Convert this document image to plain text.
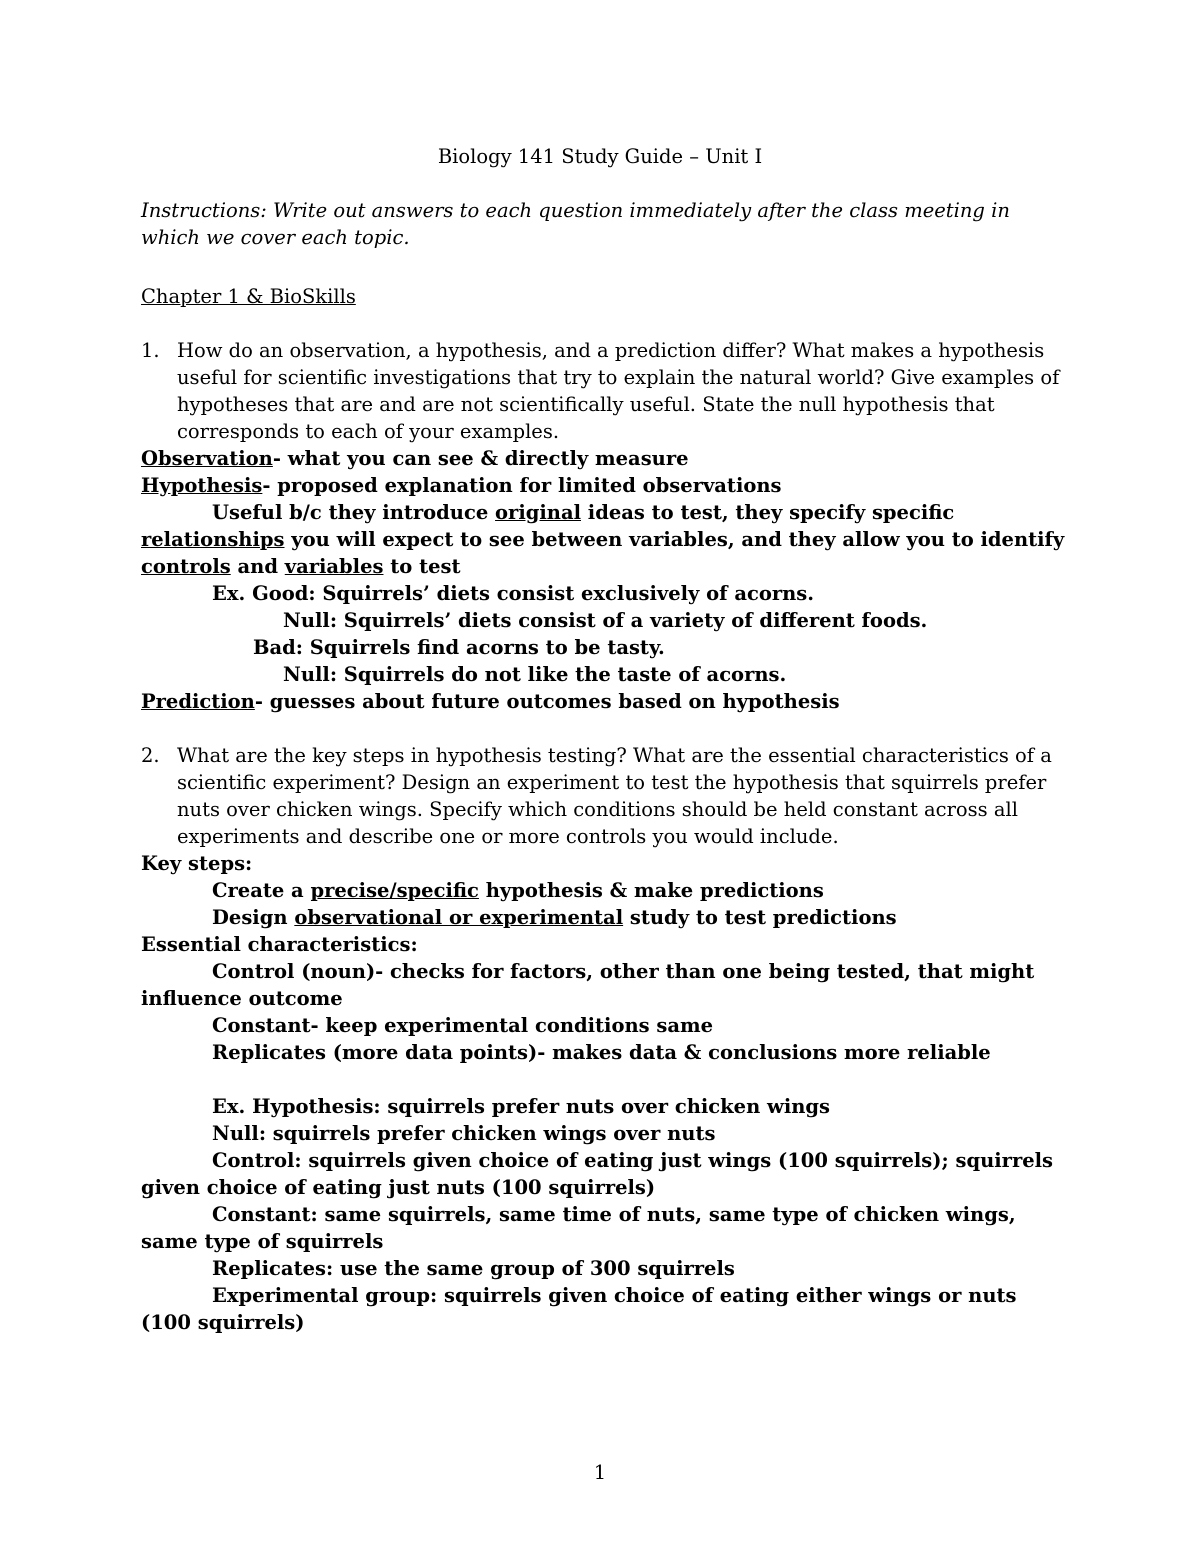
Biology 141 Study Guide – Unit I
Instructions: Write out answers to each question immediately after the class meeting in which we cover each topic.
Chapter 1 & BioSkills
1. How do an observation, a hypothesis, and a prediction differ? What makes a hypothesis useful for scientific investigations that try to explain the natural world? Give examples of hypotheses that are and are not scientifically useful. State the null hypothesis that corresponds to each of your examples.

Observation- what you can see & directly measure

Hypothesis- proposed explanation for limited observations

Useful b/c they introduce original ideas to test, they specify specific relationships you will expect to see between variables, and they allow you to identify controls and variables to test

Ex. Good: Squirrels’ diets consist exclusively of acorns.

Null: Squirrels’ diets consist of a variety of different foods.

Bad: Squirrels find acorns to be tasty.

Null: Squirrels do not like the taste of acorns.

Prediction- guesses about future outcomes based on hypothesis

2. What are the key steps in hypothesis testing? What are the essential characteristics of a scientific experiment? Design an experiment to test the hypothesis that squirrels prefer nuts over chicken wings. Specify which conditions should be held constant across all experiments and describe one or more controls you would include.

Key steps:

Create a precise/specific hypothesis & make predictions

Design observational or experimental study to test predictions

Essential characteristics:

Control (noun)- checks for factors, other than one being tested, that might influence outcome

Constant- keep experimental conditions same

Replicates (more data points)- makes data & conclusions more reliable

Ex. Hypothesis: squirrels prefer nuts over chicken wings

Null: squirrels prefer chicken wings over nuts

Control: squirrels given choice of eating just wings (100 squirrels); squirrels given choice of eating just nuts (100 squirrels)

Constant: same squirrels, same time of nuts, same type of chicken wings, same type of squirrels

Replicates: use the same group of 300 squirrels

Experimental group: squirrels given choice of eating either wings or nuts (100 squirrels)

1
